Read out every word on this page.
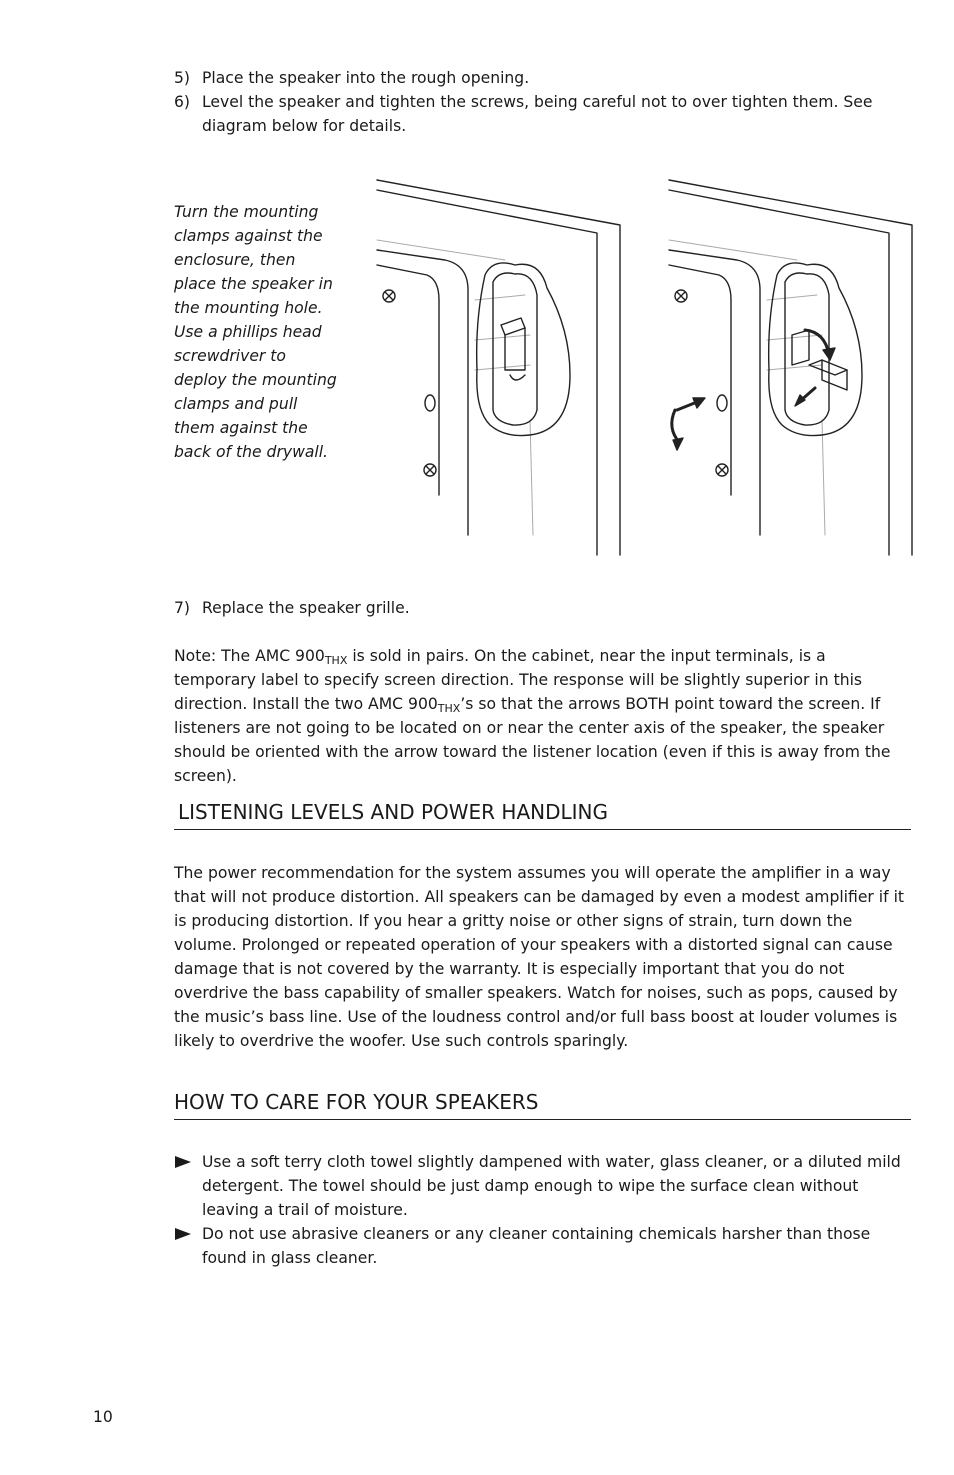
5) Place the speaker into the rough opening.

6) Level the speaker and tighten the screws, being careful not to over tighten them. See diagram below for details.

Turn the mounting clamps against the enclosure, then place the speaker in the mounting hole. Use a phillips head screwdriver to deploy the mounting clamps and pull them against the back of the drywall.

7) Replace the speaker grille.

Note: The AMC $900_{THX}$ is sold in pairs. On the cabinet, near the input terminals, is a temporary label to specify screen direction. The response will be slightly superior in this direction. Install the two AMC $900_{THX}’s$ so that the arrows BOTH point toward the screen. If listeners are not going to be located on or near the center axis of the speaker, the speaker should be oriented with the arrow toward the listener location (even if this is away from the screen).

LISTENING LEVELS AND POWER HANDLING

The power recommendation for the system assumes you will operate the amplifier in a way that will not produce distortion. All speakers can be damaged by even a modest amplifier if it is producing distortion. If you hear a gritty noise or other signs of strain, turn down the volume. Prolonged or repeated operation of your speakers with a distorted signal can cause damage that is not covered by the warranty. It is especially important that you do not overdrive the bass capability of smaller speakers. Watch for noises, such as pops, caused by the music’s bass line. Use of the loudness control and/or full bass boost at louder volumes is likely to overdrive the woofer. Use such controls sparingly.

HOW TO CARE FOR YOUR SPEAKERS
Use a soft terry cloth towel slightly dampened with water, glass cleaner, or a diluted mild detergent. The towel should be just damp enough to wipe the surface clean without leaving a trail of moisture.
Do not use abrasive cleaners or any cleaner containing chemicals harsher than those found in glass cleaner.
10
